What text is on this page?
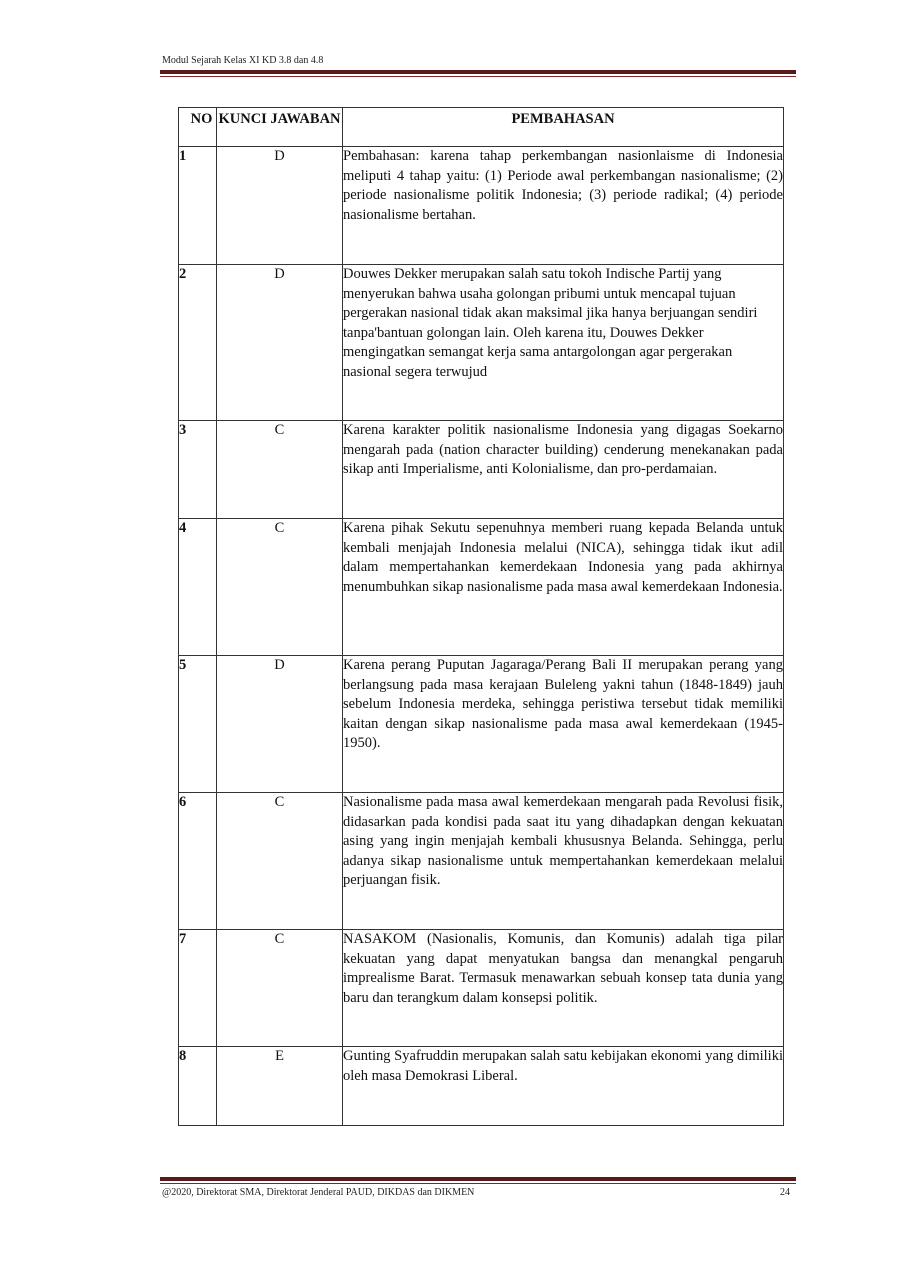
Modul Sejarah Kelas XI KD 3.8 dan 4.8
NO	KUNCI JAWABAN	PEMBAHASAN
1	D	Pembahasan: karena tahap perkembangan nasionlaisme di Indonesia meliputi 4 tahap yaitu: (1) Periode awal perkembangan nasionalisme; (2) periode nasionalisme politik Indonesia; (3) periode radikal; (4) periode nasionalisme bertahan.
2	D	Douwes Dekker merupakan salah satu tokoh Indische Partij yang menyerukan bahwa usaha golongan pribumi untuk mencapal tujuan pergerakan nasional tidak akan maksimal jika hanya berjuangan sendiri tanpa'bantuan golongan lain. Oleh karena itu, Douwes Dekker mengingatkan semangat kerja sama antargolongan agar pergerakan nasional segera terwujud
3	C	Karena karakter politik nasionalisme Indonesia yang digagas Soekarno mengarah pada (nation character building) cenderung menekanakan pada sikap anti Imperialisme, anti Kolonialisme, dan pro-perdamaian.
4	C	Karena pihak Sekutu sepenuhnya memberi ruang kepada Belanda untuk kembali menjajah Indonesia melalui (NICA), sehingga tidak ikut adil dalam mempertahankan kemerdekaan Indonesia yang pada akhirnya menumbuhkan sikap nasionalisme pada masa awal kemerdekaan Indonesia.
5	D	Karena perang Puputan Jagaraga/Perang Bali II merupakan perang yang berlangsung pada masa kerajaan Buleleng yakni tahun (1848-1849) jauh sebelum Indonesia merdeka, sehingga peristiwa tersebut tidak memiliki kaitan dengan sikap nasionalisme pada masa awal kemerdekaan (1945-1950).
6	C	Nasionalisme pada masa awal kemerdekaan mengarah pada Revolusi fisik, didasarkan pada kondisi pada saat itu yang dihadapkan dengan kekuatan asing yang ingin menjajah kembali khususnya Belanda. Sehingga, perlu adanya sikap nasionalisme untuk mempertahankan kemerdekaan melalui perjuangan fisik.
7	C	NASAKOM (Nasionalis, Komunis, dan Komunis) adalah tiga pilar kekuatan yang dapat menyatukan bangsa dan menangkal pengaruh imprealisme Barat. Termasuk menawarkan sebuah konsep tata dunia yang baru dan terangkum dalam konsepsi politik.
8	E	Gunting Syafruddin merupakan salah satu kebijakan ekonomi yang dimiliki oleh masa Demokrasi Liberal.
@2020, Direktorat SMA, Direktorat Jenderal PAUD, DIKDAS dan DIKMEN	24
